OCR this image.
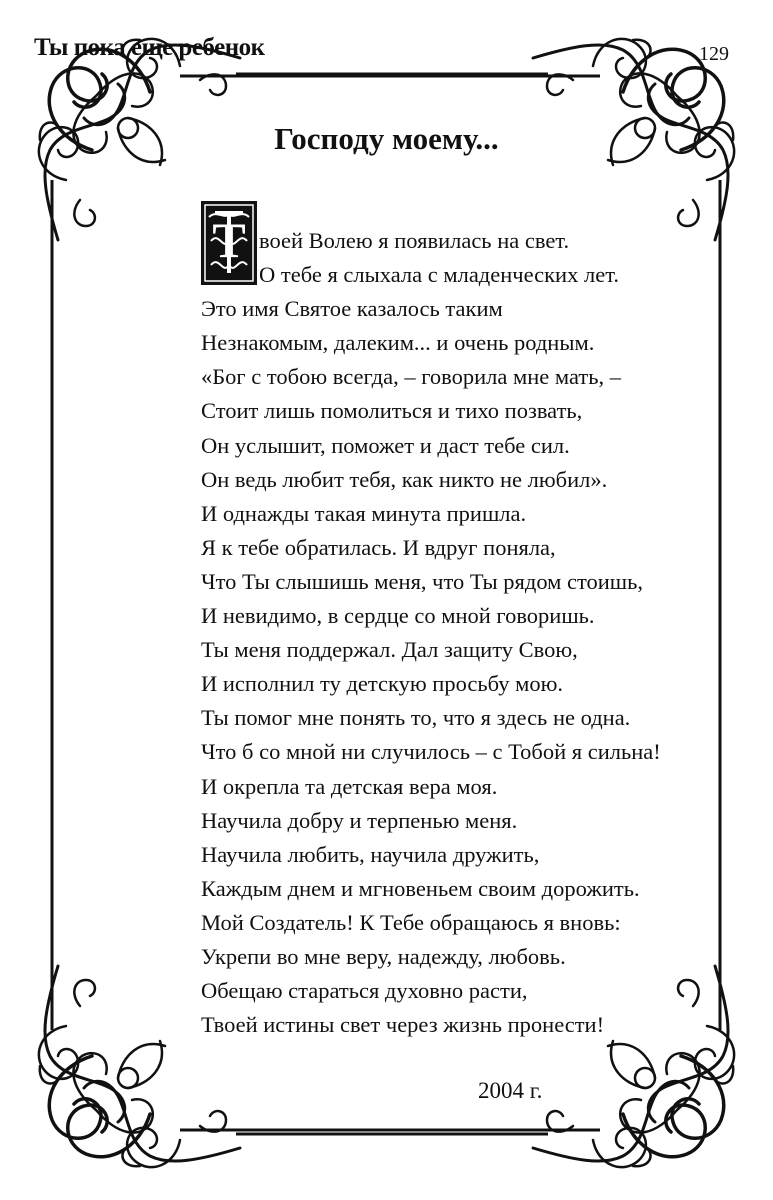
Ты пока еще ребенок	129
Господу моему...
Т воей Волею я появилась на свет.
О тебе я слыхала с младенческих лет.
Это имя Святое казалось таким
Незнакомым, далеким... и очень родным.
«Бог с тобою всегда, – говорила мне мать, –
Стоит лишь помолиться и тихо позвать,
Он услышит, поможет и даст тебе сил.
Он ведь любит тебя, как никто не любил».
И однажды такая минута пришла.
Я к тебе обратилась. И вдруг поняла,
Что Ты слышишь меня, что Ты рядом стоишь,
И невидимо, в сердце со мной говоришь.
Ты меня поддержал. Дал защиту Свою,
И исполнил ту детскую просьбу мою.
Ты помог мне понять то, что я здесь не одна.
Что б со мной ни случилось – с Тобой я сильна!
И окрепла та детская вера моя.
Научила добру и терпенью меня.
Научила любить, научила дружить,
Каждым днем и мгновеньем своим дорожить.
Мой Создатель! К Тебе обращаюсь я вновь:
Укрепи во мне веру, надежду, любовь.
Обещаю стараться духовно расти,
Твоей истины свет через жизнь пронести!
2004 г.
